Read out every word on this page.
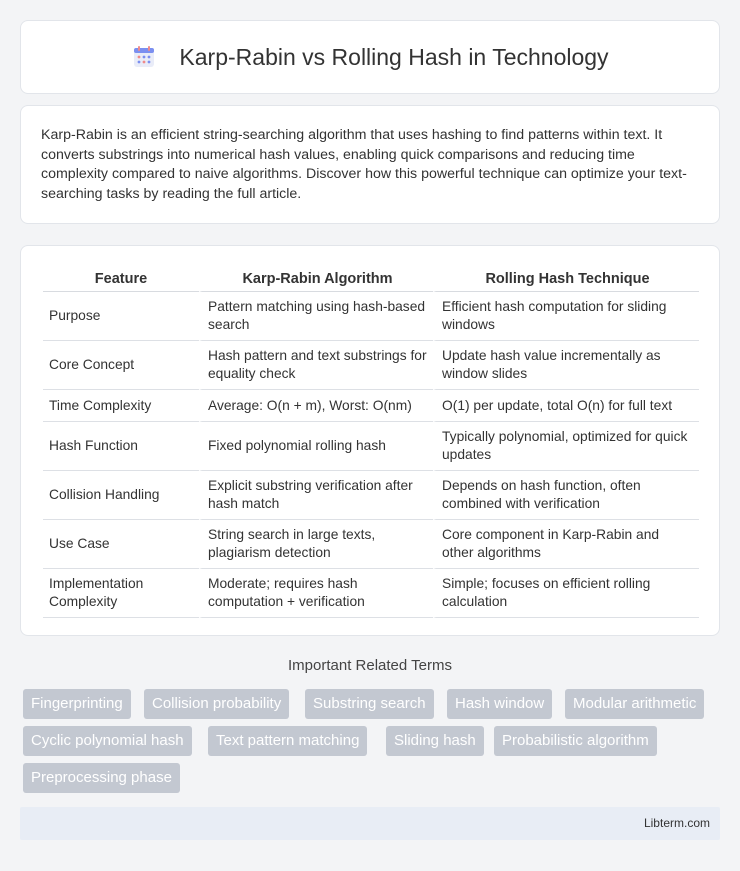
Karp-Rabin vs Rolling Hash in Technology

Karp-Rabin is an efficient string-searching algorithm that uses hashing to find patterns within text. It converts substrings into numerical hash values, enabling quick comparisons and reducing time complexity compared to naive algorithms. Discover how this powerful technique can optimize your text-searching tasks by reading the full article.

Feature	Karp-Rabin Algorithm	Rolling Hash Technique
Purpose	Pattern matching using hash-based search	Efficient hash computation for sliding windows
Core Concept	Hash pattern and text substrings for equality check	Update hash value incrementally as window slides
Time Complexity	Average: O(n + m), Worst: O(nm)	O(1) per update, total O(n) for full text
Hash Function	Fixed polynomial rolling hash	Typically polynomial, optimized for quick updates
Collision Handling	Explicit substring verification after hash match	Depends on hash function, often combined with verification
Use Case	String search in large texts, plagiarism detection	Core component in Karp-Rabin and other algorithms
Implementation Complexity	Moderate; requires hash computation + verification	Simple; focuses on efficient rolling calculation
Important Related Terms
Fingerprinting	Collision probability	Substring search	Hash window	Modular arithmetic
Cyclic polynomial hash	Text pattern matching	Sliding hash	Probabilistic algorithm
Preprocessing phase
Libterm.com
